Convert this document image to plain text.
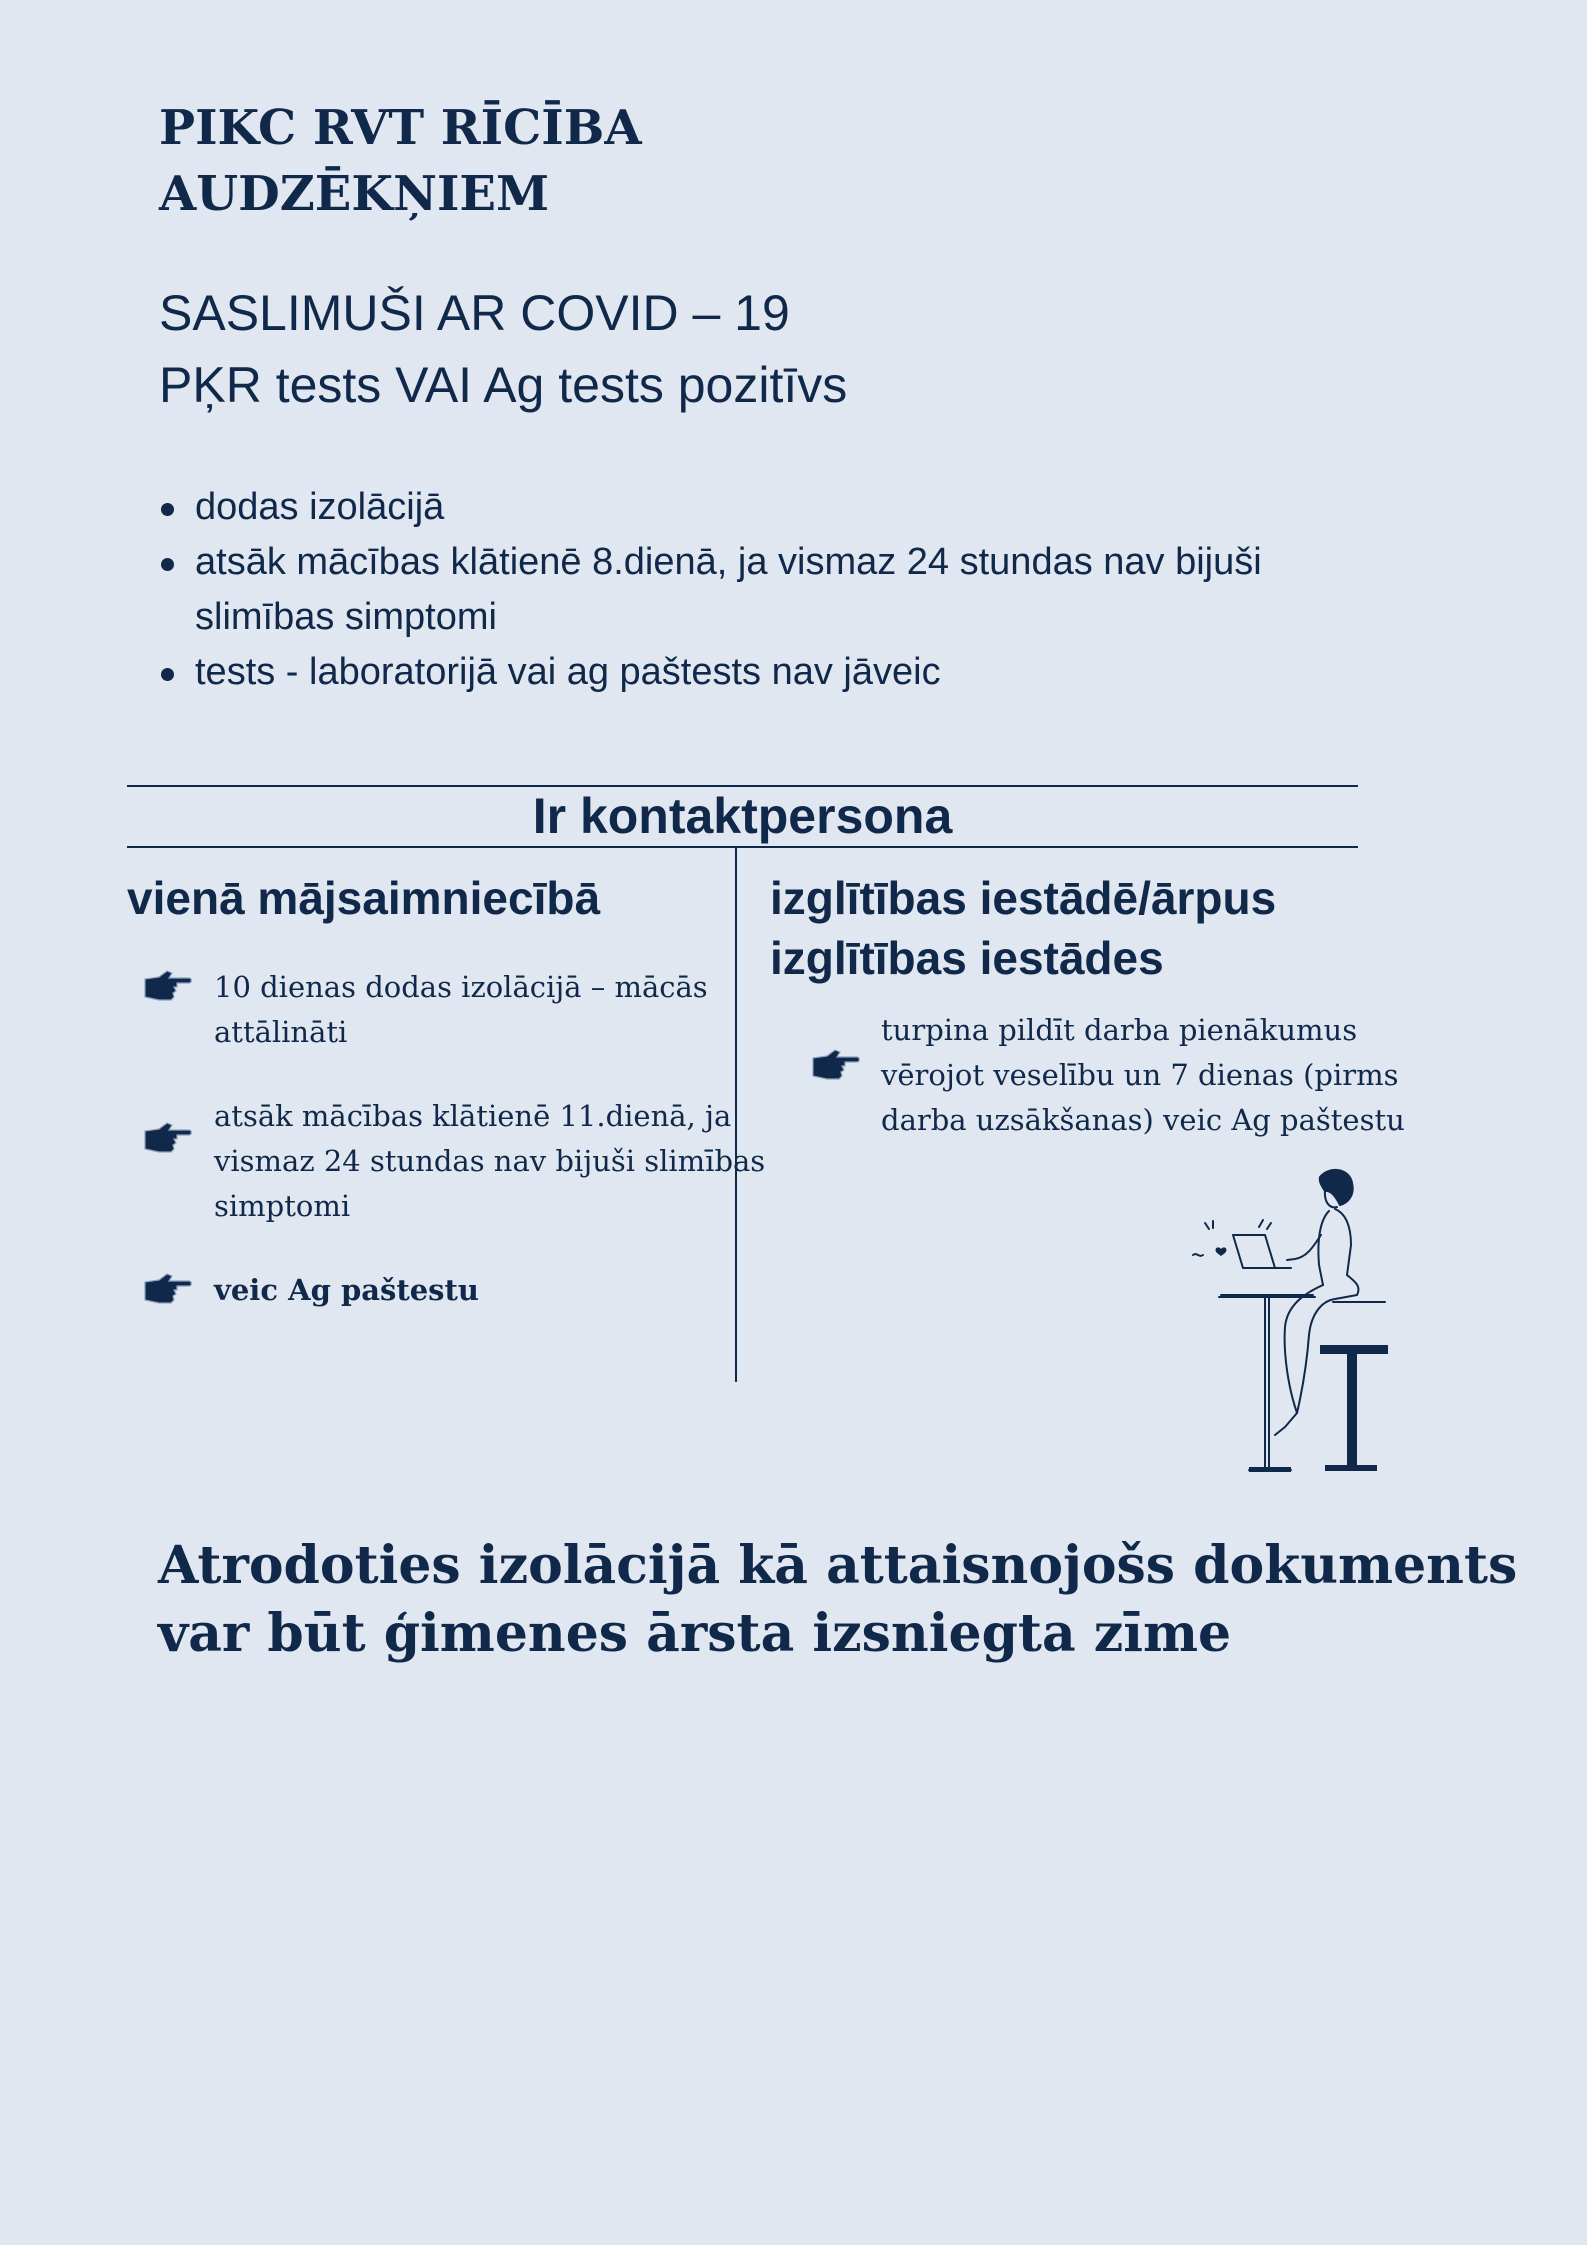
PIKC RVT RĪCĪBA
AUDZĒKŅIEM
SASLIMUŠI AR COVID – 19
PĶR tests VAI Ag tests pozitīvs
dodas izolācijā
atsāk mācības klātienē 8.dienā, ja vismaz 24 stundas nav bijuši
slimības simptomi
tests - laboratorijā vai ag paštests nav jāveic
Ir kontaktpersona
vienā mājsaimniecībā
10 dienas dodas izolācijā – mācās
attālināti
atsāk mācības klātienē 11.dienā, ja
vismaz 24 stundas nav bijuši slimības
simptomi
veic Ag paštestu
izglītības iestādē/ārpus
izglītības iestādes
turpina pildīt darba pienākumus
vērojot veselību un 7 dienas (pirms
darba uzsākšanas) veic Ag paštestu
Atrodoties izolācijā kā attaisnojošs dokuments
var būt ģimenes ārsta izsniegta zīme
